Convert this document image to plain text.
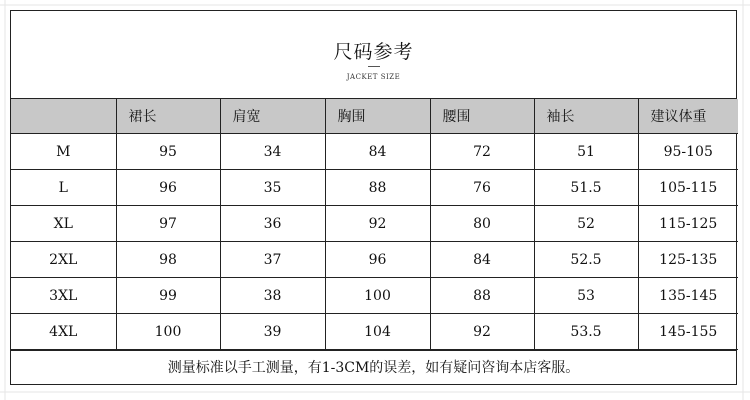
尺码参考
JACKET SIZE
	裙长	肩宽	胸围	腰围	袖长	建议体重
M	95	34	84	72	51	95-105
L	96	35	88	76	51.5	105-115
XL	97	36	92	80	52	115-125
2XL	98	37	96	84	52.5	125-135
3XL	99	38	100	88	53	135-145
4XL	100	39	104	92	53.5	145-155
测量标准以手工测量，有1-3CM的误差，如有疑问咨询本店客服。
